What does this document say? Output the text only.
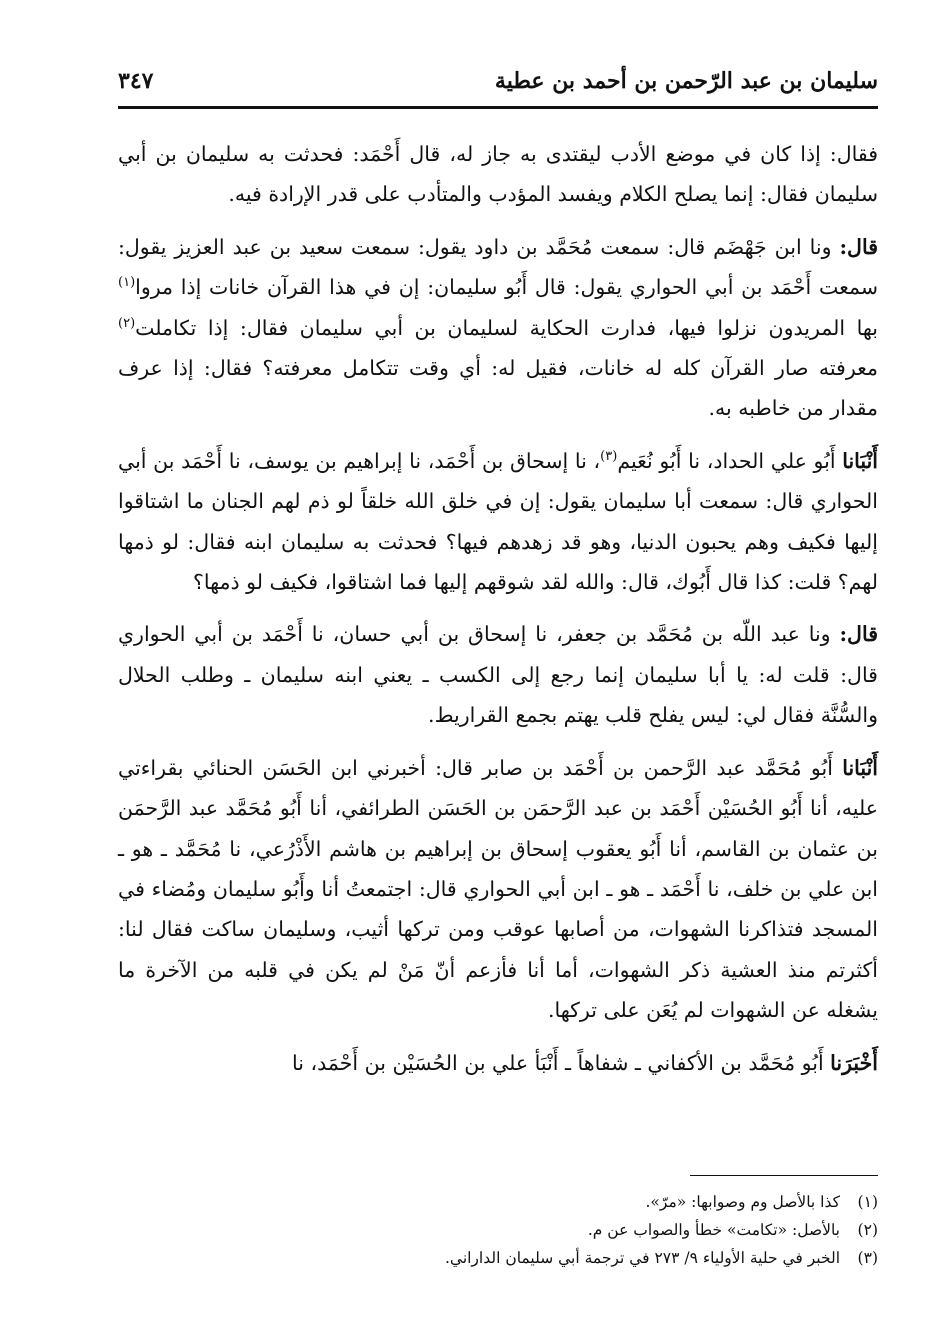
سليمان بن عبد الرّحمن بن أحمد بن عطية
٣٤٧

فقال: إذا كان في موضع الأدب ليقتدى به جاز له، قال أَحْمَد: فحدثت به سليمان بن أبي سليمان فقال: إنما يصلح الكلام ويفسد المؤدب والمتأدب على قدر الإرادة فيه.

قال: ونا ابن جَهْضَم قال: سمعت مُحَمَّد بن داود يقول: سمعت سعيد بن عبد العزيز يقول: سمعت أَحْمَد بن أبي الحواري يقول: قال أَبُو سليمان: إن في هذا القرآن خانات إذا مروا$^{(١)}$ بها المريدون نزلوا فيها، فدارت الحكاية لسليمان بن أبي سليمان فقال: إذا تكاملت$^{(٢)}$ معرفته صار القرآن كله له خانات، فقيل له: أي وقت تتكامل معرفته؟ فقال: إذا عرف مقدار من خاطبه به.

أَنْبَانا أَبُو علي الحداد، نا أَبُو نُعَيم$^{(٣)}$، نا إسحاق بن أَحْمَد، نا إبراهيم بن يوسف، نا أَحْمَد بن أبي الحواري قال: سمعت أبا سليمان يقول: إن في خلق الله خلقاً لو ذم لهم الجنان ما اشتاقوا إليها فكيف وهم يحبون الدنيا، وهو قد زهدهم فيها؟ فحدثت به سليمان ابنه فقال: لو ذمها لهم؟ قلت: كذا قال أَبُوك، قال: والله لقد شوقهم إليها فما اشتاقوا، فكيف لو ذمها؟

قال: ونا عبد اللّه بن مُحَمَّد بن جعفر، نا إسحاق بن أبي حسان، نا أَحْمَد بن أبي الحواري قال: قلت له: يا أبا سليمان إنما رجع إلى الكسب ـ يعني ابنه سليمان ـ وطلب الحلال والسُّنَّة فقال لي: ليس يفلح قلب يهتم بجمع القراريط.

أَنْبَانا أَبُو مُحَمَّد عبد الرَّحمن بن أَحْمَد بن صابر قال: أخبرني ابن الحَسَن الحنائي بقراءتي عليه، أنا أَبُو الحُسَيْن أَحْمَد بن عبد الرَّحمَن بن الحَسَن الطرائفي، أنا أَبُو مُحَمَّد عبد الرَّحمَن بن عثمان بن القاسم، أنا أَبُو يعقوب إسحاق بن إبراهيم بن هاشم الأَذْرُعي، نا مُحَمَّد ـ هو ـ ابن علي بن خلف، نا أَحْمَد ـ هو ـ ابن أبي الحواري قال: اجتمعتُ أنا وأَبُو سليمان ومُضاء في المسجد فتذاكرنا الشهوات، من أصابها عوقب ومن تركها أثيب، وسليمان ساكت فقال لنا: أكثرتم منذ العشية ذكر الشهوات، أما أنا فأزعم أنّ مَنْ لم يكن في قلبه من الآخرة ما يشغله عن الشهوات لم يُعَن على تركها.

أَخْبَرَنا أَبُو مُحَمَّد بن الأكفاني ـ شفاهاً ـ أَنْبَأ علي بن الحُسَيْن بن أَحْمَد، نا

(١)كذا بالأصل وم وصوابها: «مرّ».
(٢)بالأصل: «تكامت» خطأ والصواب عن م.
(٣)الخبر في حلية الأولياء ٩/ ٢٧٣ في ترجمة أبي سليمان الداراني.
